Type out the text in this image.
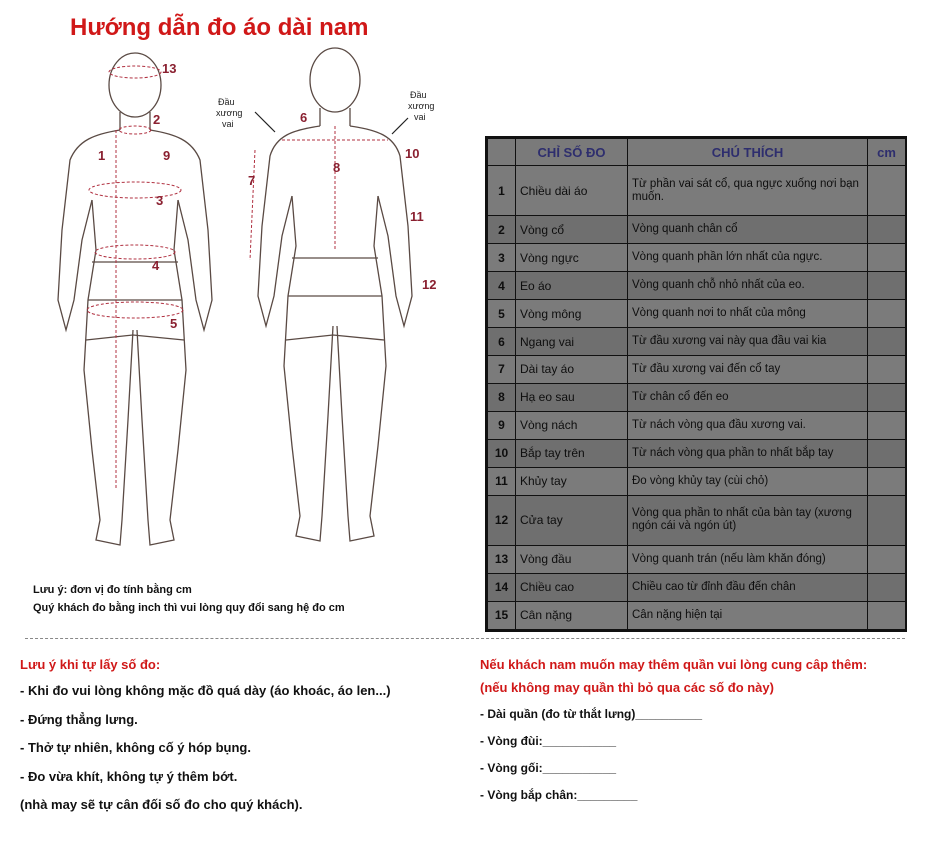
Hướng dẫn đo áo dài nam
1
2
3
4
5
9
13
6
7
8
10
11
12
Đầu xương vai
Đầu xương vai
Lưu ý: đơn vị đo tính bằng cm
Quý khách đo bằng inch thì vui lòng quy đổi sang hệ đo cm
	CHỈ SỐ ĐO	CHÚ THÍCH	cm
1	Chiều dài áo	Từ phần vai sát cổ, qua ngực xuống nơi bạn muốn.	
2	Vòng cổ	Vòng quanh chân cổ	
3	Vòng ngực	Vòng quanh phần lớn nhất của ngực.	
4	Eo áo	Vòng quanh chỗ nhỏ nhất của eo.	
5	Vòng mông	Vòng quanh nơi to nhất của mông	
6	Ngang vai	Từ đầu xương vai này qua đầu vai kia	
7	Dài tay áo	Từ đầu xương vai đến cổ tay	
8	Hạ eo sau	Từ chân cổ đến eo	
9	Vòng nách	Từ nách vòng qua đầu xương vai.	
10	Bắp tay trên	Từ nách vòng qua phần to nhất bắp tay	
11	Khủy tay	Đo vòng khủy tay (cùi chỏ)	
12	Cửa tay	Vòng qua phần to nhất của bàn tay (xương ngón cái và ngón út)	
13	Vòng đầu	Vòng quanh trán (nếu làm khăn đóng)	
14	Chiều cao	Chiều cao từ đỉnh đầu đến chân	
15	Cân nặng	Cân nặng hiện tại	
Lưu ý khi tự lấy số đo:
- Khi đo vui lòng không mặc đồ quá dày (áo khoác, áo len...)
- Đứng thẳng lưng.
- Thở tự nhiên, không cố ý hóp bụng.
- Đo vừa khít, không tự ý thêm bớt.
(nhà may sẽ tự cân đối số đo cho quý khách).
Nếu khách nam muốn may thêm quần vui lòng cung câp thêm:
(nếu không may quần thì bỏ qua các số đo này)
- Dài quần (đo từ thắt lưng)__________
- Vòng đùi:___________
- Vòng gối:___________
- Vòng bắp chân:_________
